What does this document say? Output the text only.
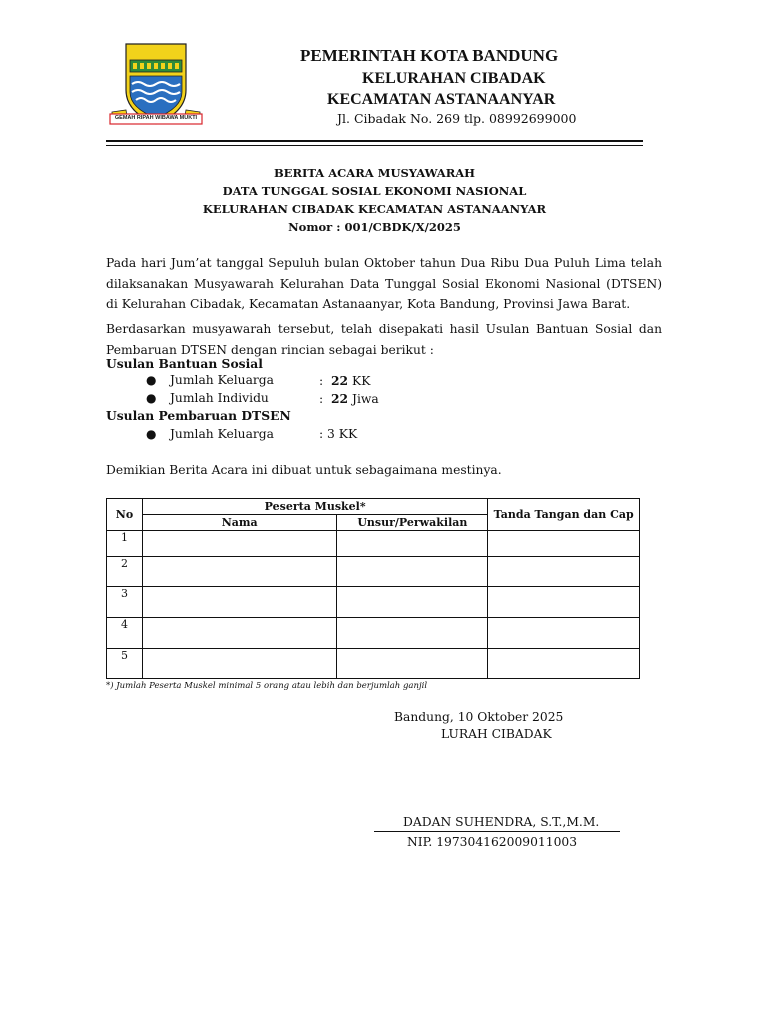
GEMAH RIPAH WIBAWA MUKTI
PEMERINTAH KOTA BANDUNG
KELURAHAN CIBADAK
KECAMATAN ASTANAANYAR
Jl. Cibadak No. 269 tlp. 08992699000
BERITA ACARA MUSYAWARAH
DATA TUNGGAL SOSIAL EKONOMI NASIONAL
KELURAHAN CIBADAK KECAMATAN ASTANAANYAR
Nomor : 001/CBDK/X/2025
Pada hari Jum’at tanggal Sepuluh bulan Oktober tahun Dua Ribu Dua Puluh Lima telah dilaksanakan Musyawarah Kelurahan Data Tunggal Sosial Ekonomi Nasional (DTSEN) di Kelurahan Cibadak, Kecamatan Astanaanyar, Kota Bandung, Provinsi Jawa Barat.
Berdasarkan musyawarah tersebut, telah disepakati hasil Usulan Bantuan Sosial dan Pembaruan DTSEN dengan rincian sebagai berikut :
Usulan Bantuan Sosial
● Jumlah Keluarga	: 22 KK
● Jumlah Individu	: 22 Jiwa
Usulan Pembaruan DTSEN
● Jumlah Keluarga	: 3 KK
Demikian Berita Acara ini dibuat untuk sebagaimana mestinya.
No	Peserta Muskel*		Tanda Tangan dan Cap
	Nama	Unsur/Perwakilan	
1			
2			
3			
4			
5			
*) Jumlah Peserta Muskel minimal 5 orang atau lebih dan berjumlah ganjil
Bandung, 10 Oktober 2025
LURAH CIBADAK
DADAN SUHENDRA, S.T.,M.M.
NIP. 197304162009011003
